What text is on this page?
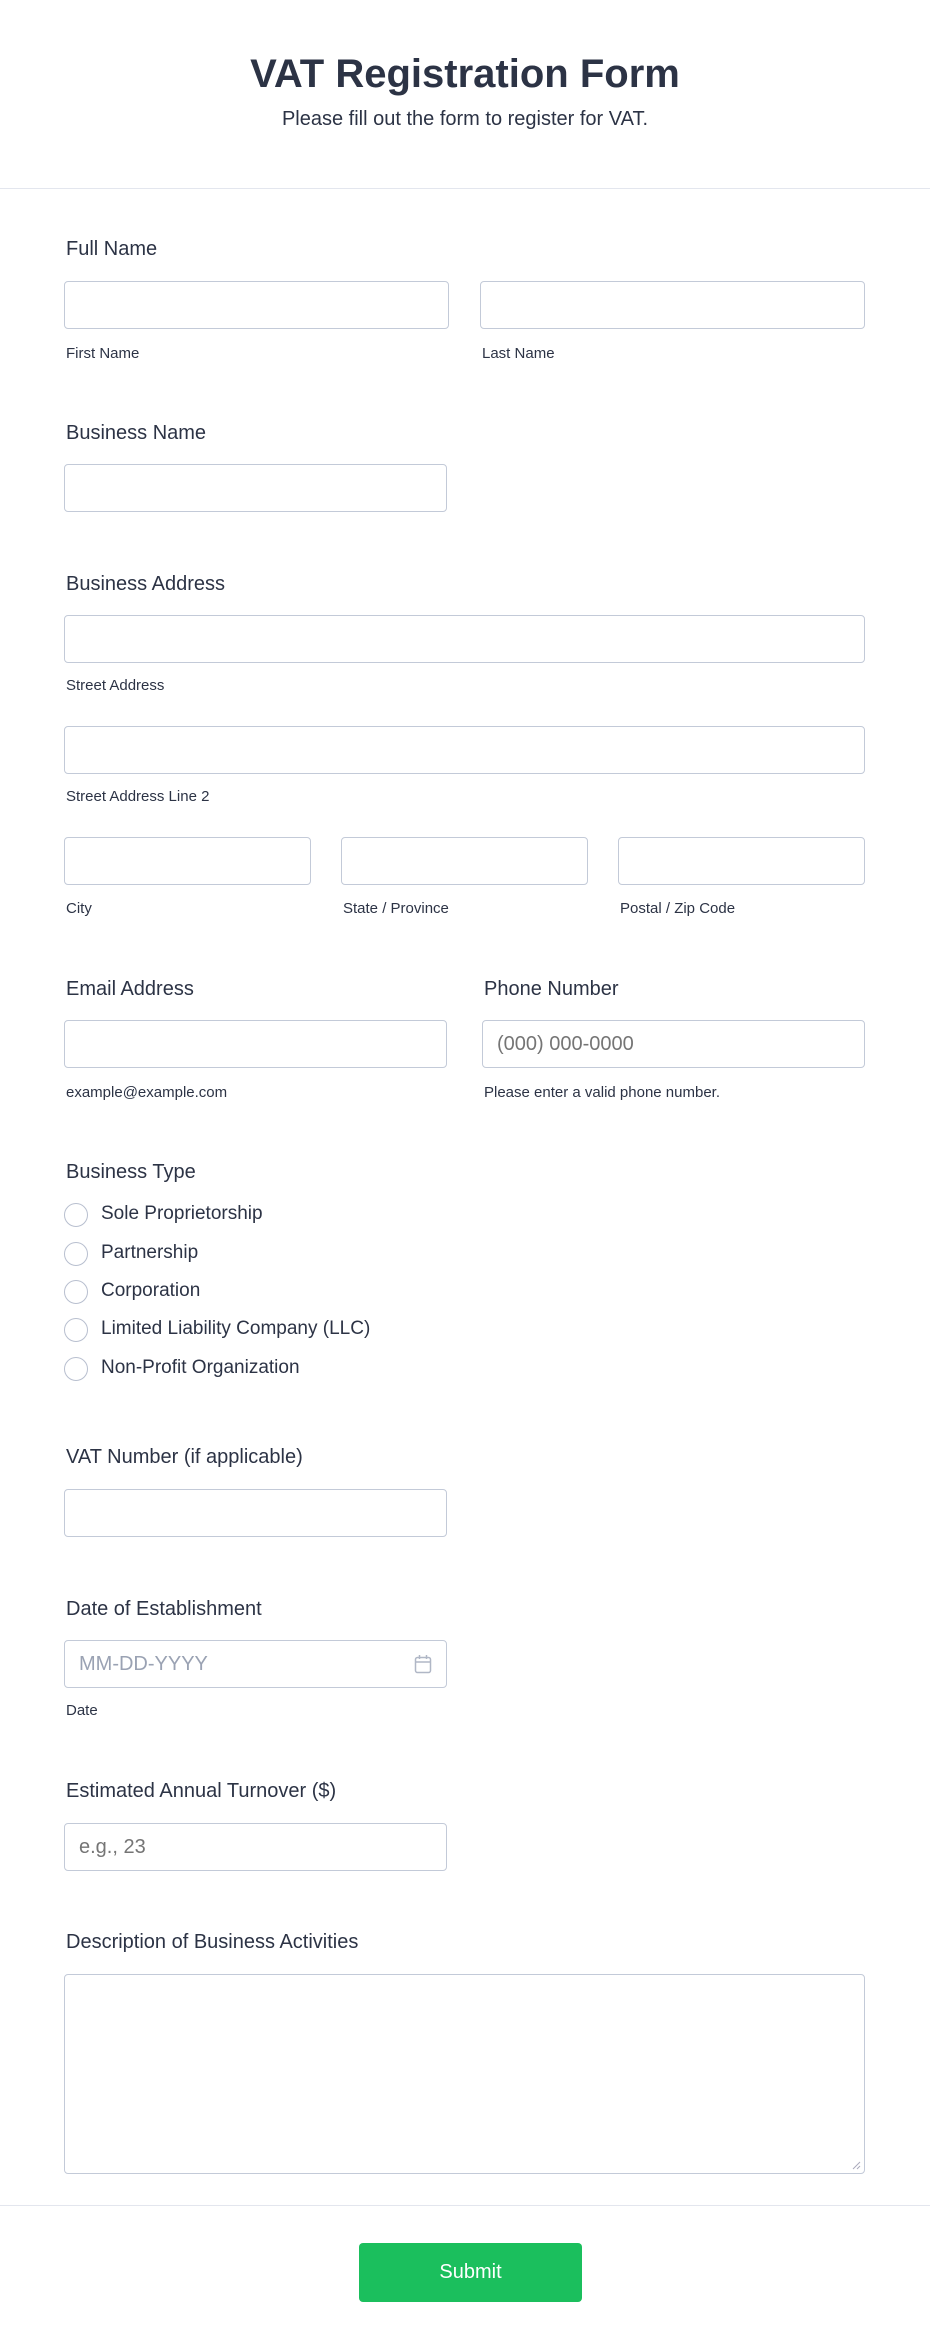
VAT Registration Form
Please fill out the form to register for VAT.
Full Name
First Name	Last Name
Business Name
Business Address
Street Address
Street Address Line 2
City	State / Province	Postal / Zip Code
Email Address	Phone Number
(000) 000-0000
example@example.com	Please enter a valid phone number.
Business Type
Sole Proprietorship
Partnership
Corporation
Limited Liability Company (LLC)
Non-Profit Organization
VAT Number (if applicable)
Date of Establishment
MM-DD-YYYY
Date
Estimated Annual Turnover ($)
e.g., 23
Description of Business Activities
Submit
